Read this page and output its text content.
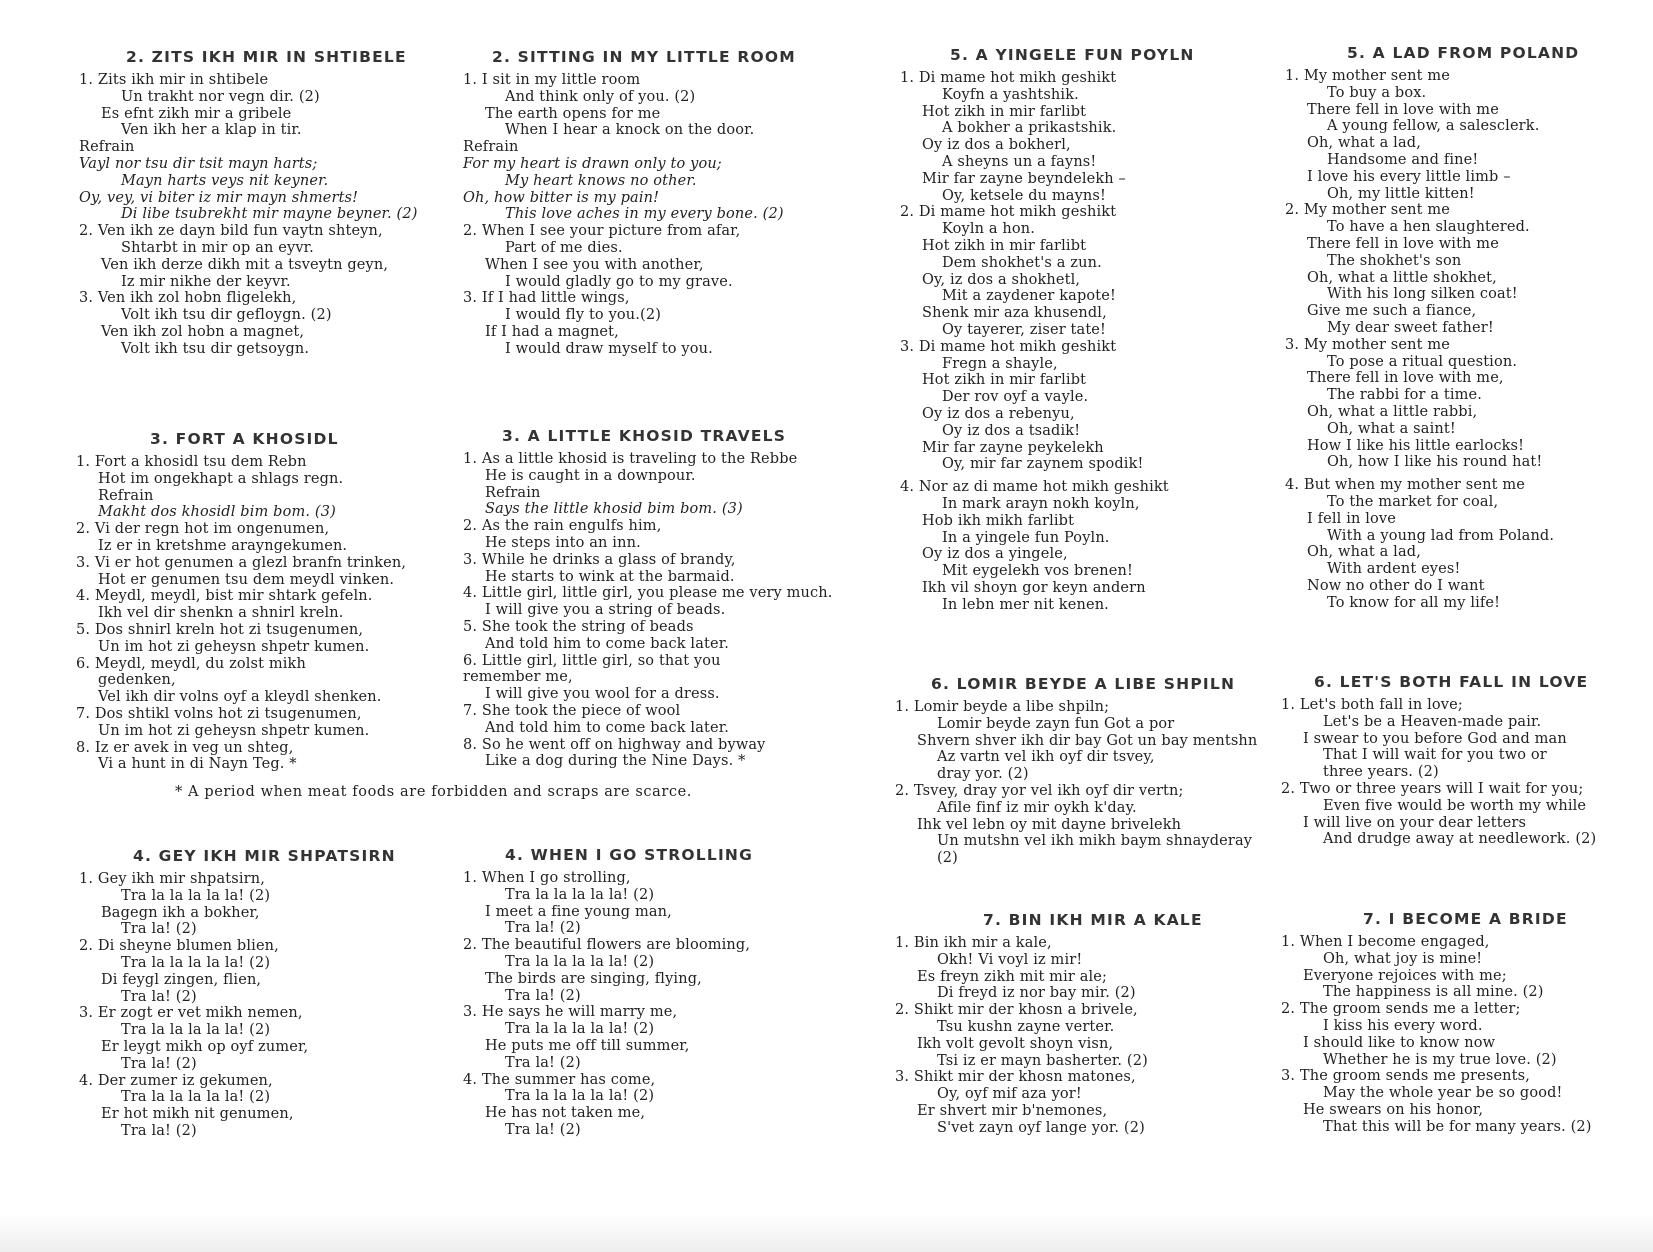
2. ZITS IKH MIR IN SHTIBELE
1. Zits ikh mir in shtibele
Un trakht nor vegn dir. (2)
Es efnt zikh mir a gribele
Ven ikh her a klap in tir.
Refrain
Vayl nor tsu dir tsit mayn harts;
Mayn harts veys nit keyner.
Oy, vey, vi biter iz mir mayn shmerts!
Di libe tsubrekht mir mayne beyner. (2)
2. Ven ikh ze dayn bild fun vaytn shteyn,
Shtarbt in mir op an eyvr.
Ven ikh derze dikh mit a tsveytn geyn,
Iz mir nikhe der keyvr.
3. Ven ikh zol hobn fligelekh,
Volt ikh tsu dir gefloygn. (2)
Ven ikh zol hobn a magnet,
Volt ikh tsu dir getsoygn.
2. SITTING IN MY LITTLE ROOM
1. I sit in my little room
And think only of you. (2)
The earth opens for me
When I hear a knock on the door.
Refrain
For my heart is drawn only to you;
My heart knows no other.
Oh, how bitter is my pain!
This love aches in my every bone. (2)
2. When I see your picture from afar,
Part of me dies.
When I see you with another,
I would gladly go to my grave.
3. If I had little wings,
I would fly to you.(2)
If I had a magnet,
I would draw myself to you.
5. A YINGELE FUN POYLN
1. Di mame hot mikh geshikt
Koyfn a yashtshik.
Hot zikh in mir farlibt
A bokher a prikastshik.
Oy iz dos a bokherl,
A sheyns un a fayns!
Mir far zayne beyndelekh –
Oy, ketsele du mayns!
2. Di mame hot mikh geshikt
Koyln a hon.
Hot zikh in mir farlibt
Dem shokhet's a zun.
Oy, iz dos a shokhetl,
Mit a zaydener kapote!
Shenk mir aza khusendl,
Oy tayerer, ziser tate!
3. Di mame hot mikh geshikt
Fregn a shayle,
Hot zikh in mir farlibt
Der rov oyf a vayle.
Oy iz dos a rebenyu,
Oy iz dos a tsadik!
Mir far zayne peykelekh
Oy, mir far zaynem spodik!
4. Nor az di mame hot mikh geshikt
In mark arayn nokh koyln,
Hob ikh mikh farlibt
In a yingele fun Poyln.
Oy iz dos a yingele,
Mit eygelekh vos brenen!
Ikh vil shoyn gor keyn andern
In lebn mer nit kenen.
5. A LAD FROM POLAND
1. My mother sent me
To buy a box.
There fell in love with me
A young fellow, a salesclerk.
Oh, what a lad,
Handsome and fine!
I love his every little limb –
Oh, my little kitten!
2. My mother sent me
To have a hen slaughtered.
There fell in love with me
The shokhet's son
Oh, what a little shokhet,
With his long silken coat!
Give me such a fiance,
My dear sweet father!
3. My mother sent me
To pose a ritual question.
There fell in love with me,
The rabbi for a time.
Oh, what a little rabbi,
Oh, what a saint!
How I like his little earlocks!
Oh, how I like his round hat!
4. But when my mother sent me
To the market for coal,
I fell in love
With a young lad from Poland.
Oh, what a lad,
With ardent eyes!
Now no other do I want
To know for all my life!
3. FORT A KHOSIDL
1. Fort a khosidl tsu dem Rebn
Hot im ongekhapt a shlags regn.
Refrain
Makht dos khosidl bim bom. (3)
2. Vi der regn hot im ongenumen,
Iz er in kretshme arayngekumen.
3. Vi er hot genumen a glezl branfn trinken,
Hot er genumen tsu dem meydl vinken.
4. Meydl, meydl, bist mir shtark gefeln.
Ikh vel dir shenkn a shnirl kreln.
5. Dos shnirl kreln hot zi tsugenumen,
Un im hot zi geheysn shpetr kumen.
6. Meydl, meydl, du zolst mikh
gedenken,
Vel ikh dir volns oyf a kleydl shenken.
7. Dos shtikl volns hot zi tsugenumen,
Un im hot zi geheysn shpetr kumen.
8. Iz er avek in veg un shteg,
Vi a hunt in di Nayn Teg. *
3. A LITTLE KHOSID TRAVELS
1. As a little khosid is traveling to the Rebbe
He is caught in a downpour.
Refrain
Says the little khosid bim bom. (3)
2. As the rain engulfs him,
He steps into an inn.
3. While he drinks a glass of brandy,
He starts to wink at the barmaid.
4. Little girl, little girl, you please me very much.
I will give you a string of beads.
5. She took the string of beads
And told him to come back later.
6. Little girl, little girl, so that you
remember me,
I will give you wool for a dress.
7. She took the piece of wool
And told him to come back later.
8. So he went off on highway and byway
Like a dog during the Nine Days. *
* A period when meat foods are forbidden and scraps are scarce.
6. LOMIR BEYDE A LIBE SHPILN
1. Lomir beyde a libe shpiln;
Lomir beyde zayn fun Got a por
Shvern shver ikh dir bay Got un bay mentshn
Az vartn vel ikh oyf dir tsvey,
dray yor. (2)
2. Tsvey, dray yor vel ikh oyf dir vertn;
Afile finf iz mir oykh k'day.
Ihk vel lebn oy mit dayne brivelekh
Un mutshn vel ikh mikh baym shnayderay
(2)
6. LET'S BOTH FALL IN LOVE
1. Let's both fall in love;
Let's be a Heaven-made pair.
I swear to you before God and man
That I will wait for you two or
three years. (2)
2. Two or three years will I wait for you;
Even five would be worth my while
I will live on your dear letters
And drudge away at needlework. (2)
4. GEY IKH MIR SHPATSIRN
1. Gey ikh mir shpatsirn,
Tra la la la la la! (2)
Bagegn ikh a bokher,
Tra la! (2)
2. Di sheyne blumen blien,
Tra la la la la la! (2)
Di feygl zingen, flien,
Tra la! (2)
3. Er zogt er vet mikh nemen,
Tra la la la la la! (2)
Er leygt mikh op oyf zumer,
Tra la! (2)
4. Der zumer iz gekumen,
Tra la la la la la! (2)
Er hot mikh nit genumen,
Tra la! (2)
4. WHEN I GO STROLLING
1. When I go strolling,
Tra la la la la la! (2)
I meet a fine young man,
Tra la! (2)
2. The beautiful flowers are blooming,
Tra la la la la la! (2)
The birds are singing, flying,
Tra la! (2)
3. He says he will marry me,
Tra la la la la la! (2)
He puts me off till summer,
Tra la! (2)
4. The summer has come,
Tra la la la la la! (2)
He has not taken me,
Tra la! (2)
7. BIN IKH MIR A KALE
1. Bin ikh mir a kale,
Okh! Vi voyl iz mir!
Es freyn zikh mit mir ale;
Di freyd iz nor bay mir. (2)
2. Shikt mir der khosn a brivele,
Tsu kushn zayne verter.
Ikh volt gevolt shoyn visn,
Tsi iz er mayn basherter. (2)
3. Shikt mir der khosn matones,
Oy, oyf mif aza yor!
Er shvert mir b'nemones,
S'vet zayn oyf lange yor. (2)
7. I BECOME A BRIDE
1. When I become engaged,
Oh, what joy is mine!
Everyone rejoices with me;
The happiness is all mine. (2)
2. The groom sends me a letter;
I kiss his every word.
I should like to know now
Whether he is my true love. (2)
3. The groom sends me presents,
May the whole year be so good!
He swears on his honor,
That this will be for many years. (2)
